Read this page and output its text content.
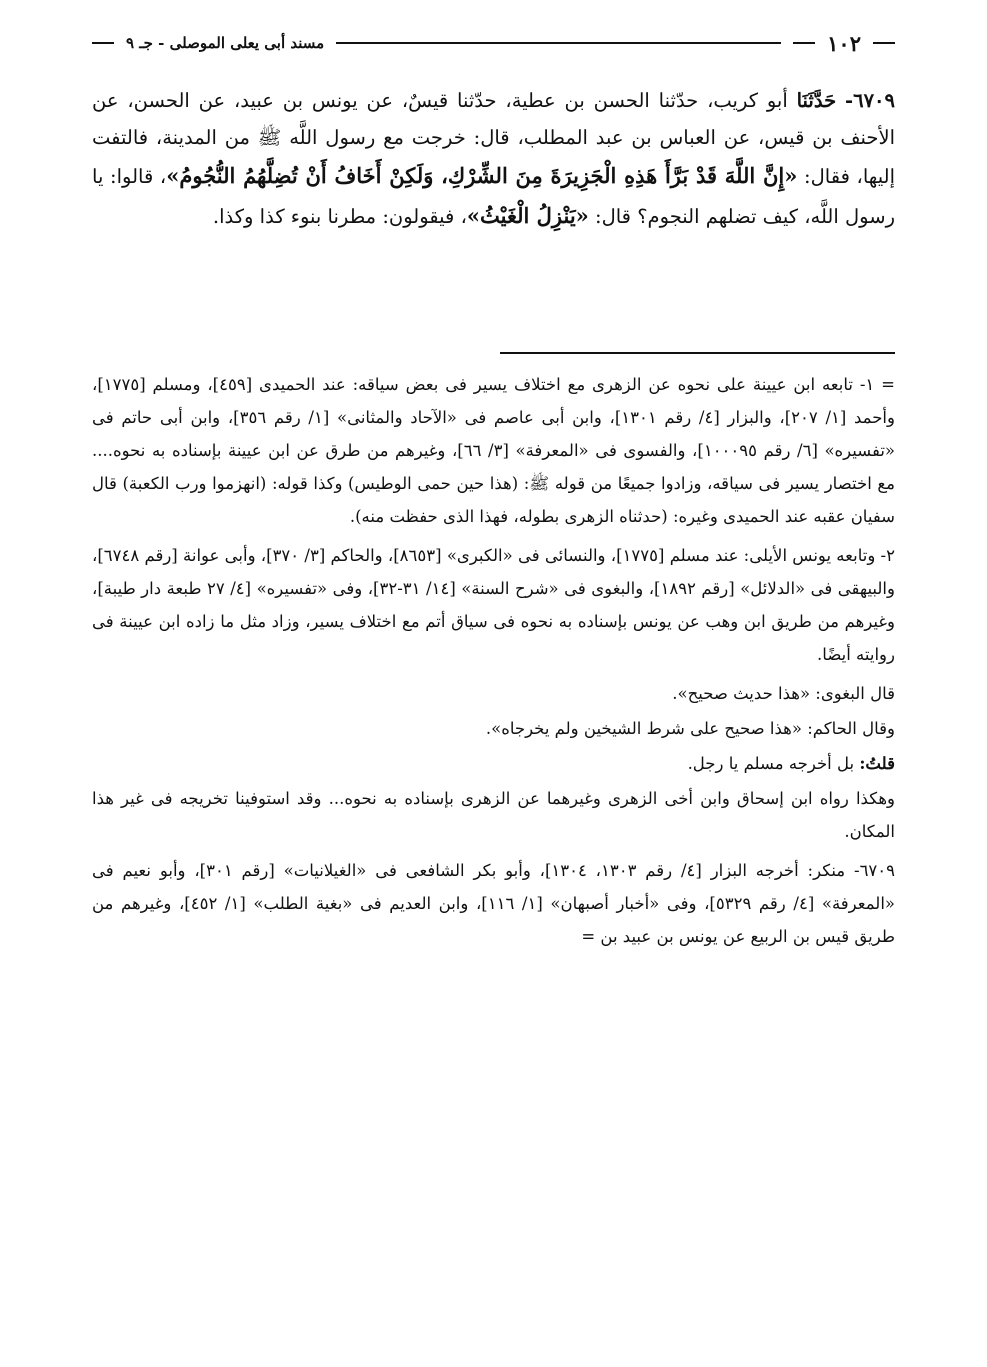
١٠٢
مسند أبى يعلى الموصلى - جـ ٩

٦٧٠٩- حَدَّثَنَا أبو كريب، حدّثنا الحسن بن عطية، حدّثنا قيسٌ، عن يونس بن عبيد، عن الحسن، عن الأحنف بن قيس، عن العباس بن عبد المطلب، قال: خرجت مع رسول اللَّه ﷺ من المدينة، فالتفت إليها، فقال: «إِنَّ اللَّهَ قَدْ بَرَّأَ هَذِهِ الْجَزِيرَةَ مِنَ الشِّرْكِ، وَلَكِنْ أَخَافُ أَنْ تُضِلَّهُمُ النُّجُومُ»، قالوا: يا رسول اللَّه، كيف تضلهم النجوم؟ قال: «يَنْزِلُ الْغَيْثُ»، فيقولون: مطرنا بنوء كذا وكذا.

= ١- تابعه ابن عيينة على نحوه عن الزهرى مع اختلاف يسير فى بعض سياقه: عند الحميدى [٤٥٩]، ومسلم [١٧٧٥]، وأحمد [١/ ٢٠٧]، والبزار [٤/ رقم ١٣٠١]، وابن أبى عاصم فى «الآحاد والمثانى» [١/ رقم ٣٥٦]، وابن أبى حاتم فى «تفسيره» [٦/ رقم ١٠٠٠٩٥]، والفسوى فى «المعرفة» [٣/ ٦٦]، وغيرهم من طرق عن ابن عيينة بإسناده به نحوه.... مع اختصار يسير فى سياقه، وزادوا جميعًا من قوله ﷺ: (هذا حين حمى الوطيس) وكذا قوله: (انهزموا ورب الكعبة) قال سفيان عقبه عند الحميدى وغيره: (حدثناه الزهرى بطوله، فهذا الذى حفظت منه).

٢- وتابعه يونس الأيلى: عند مسلم [١٧٧٥]، والنسائى فى «الكبرى» [٨٦٥٣]، والحاكم [٣/ ٣٧٠]، وأبى عوانة [رقم ٦٧٤٨]، والبيهقى فى «الدلائل» [رقم ١٨٩٢]، والبغوى فى «شرح السنة» [١٤/ ٣١-٣٢]، وفى «تفسيره» [٤/ ٢٧ طبعة دار طيبة]، وغيرهم من طريق ابن وهب عن يونس بإسناده به نحوه فى سياق أتم مع اختلاف يسير، وزاد مثل ما زاده ابن عيينة فى روايته أيضًا.

قال البغوى: «هذا حديث صحيح».

وقال الحاكم: «هذا صحيح على شرط الشيخين ولم يخرجاه».

قلتُ: بل أخرجه مسلم يا رجل.

وهكذا رواه ابن إسحاق وابن أخى الزهرى وغيرهما عن الزهرى بإسناده به نحوه... وقد استوفينا تخريجه فى غير هذا المكان.

٦٧٠٩- منكر: أخرجه البزار [٤/ رقم ١٣٠٣، ١٣٠٤]، وأبو بكر الشافعى فى «الغيلانيات» [رقم ٣٠١]، وأبو نعيم فى «المعرفة» [٤/ رقم ٥٣٢٩]، وفى «أخبار أصبهان» [١/ ١١٦]، وابن العديم فى «بغية الطلب» [١/ ٤٥٢]، وغيرهم من طريق قيس بن الربيع عن يونس بن عبيد بن =
